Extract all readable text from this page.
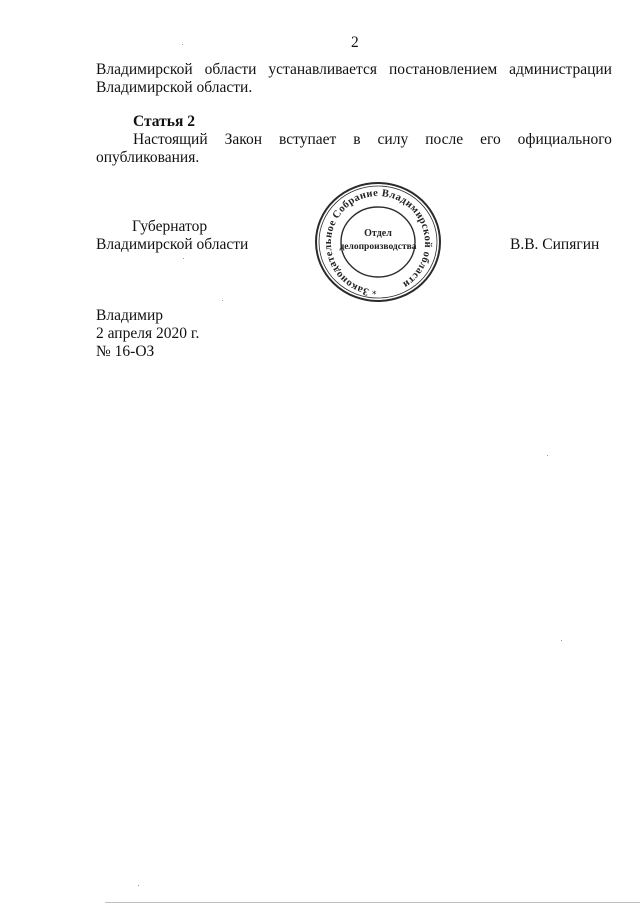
2
Владимирской области устанавливается постановлением администрации
Владимирской области.
Статья 2
Настоящий Закон вступает в силу после его официального
опубликования.
Губернатор
Владимирской области	В.В. Сипягин
Законодательное Собрание Владимирской области
*
Отдел
делопроизводства
Владимир
2 апреля 2020 г.
№ 16-ОЗ
